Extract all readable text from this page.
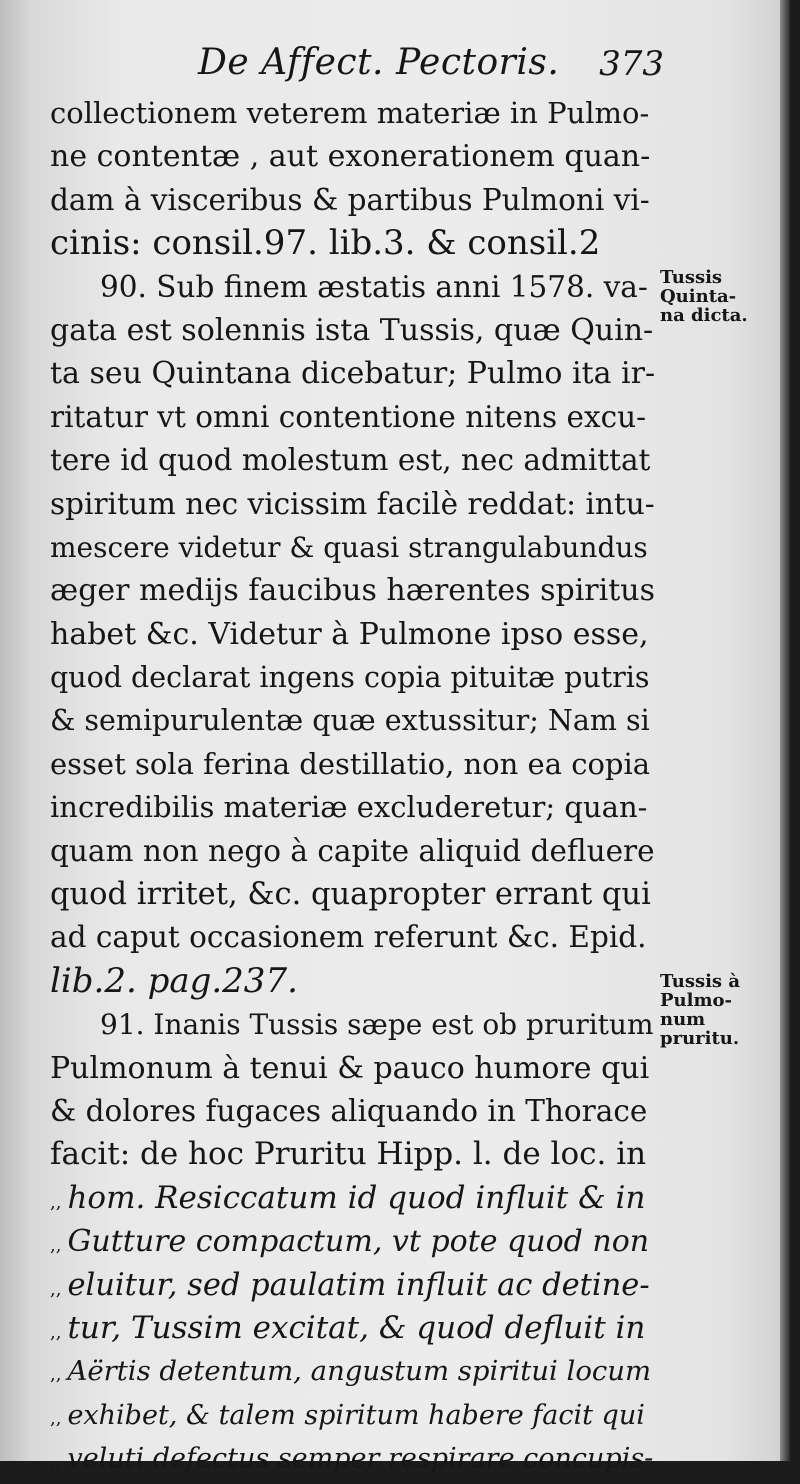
De Affect. Pectoris. 373
collectionem veterem materiæ in Pulmo-
ne contentæ , aut exonerationem quan-
dam à visceribus & partibus Pulmoni vi-
cinis: consil.97. lib.3. & consil.2
90. Sub finem æstatis anni 1578. va-
gata est solennis ista Tussis, quæ Quin-
ta seu Quintana dicebatur; Pulmo ita ir-
ritatur vt omni contentione nitens excu-
tere id quod molestum est, nec admittat
spiritum nec vicissim facilè reddat: intu-
mescere videtur & quasi strangulabundus
æger medijs faucibus hærentes spiritus
habet &c. Videtur à Pulmone ipso esse,
quod declarat ingens copia pituitæ putris
& semipurulentæ quæ extussitur; Nam si
esset sola ferina destillatio, non ea copia
incredibilis materiæ excluderetur; quan-
quam non nego à capite aliquid defluere
quod irritet, &c. quapropter errant qui
ad caput occasionem referunt &c. Epid.
lib.2. pag.237.
91. Inanis Tussis sæpe est ob pruritum
Pulmonum à tenui & pauco humore qui
& dolores fugaces aliquando in Thorace
facit: de hoc Pruritu Hipp. l. de loc. in
,, hom. Resiccatum id quod influit & in
,, Gutture compactum, vt pote quod non
,, eluitur, sed paulatim influit ac detine-
,, tur, Tussim excitat, & quod defluit in
,, Aërtis detentum, angustum spiritui locum
,, exhibet, & talem spiritum habere facit qui
,, veluti defectus semper respirare concupis-
Tussis
Quinta-
na dicta.
Tussis à
Pulmo-
num
pruritu.
